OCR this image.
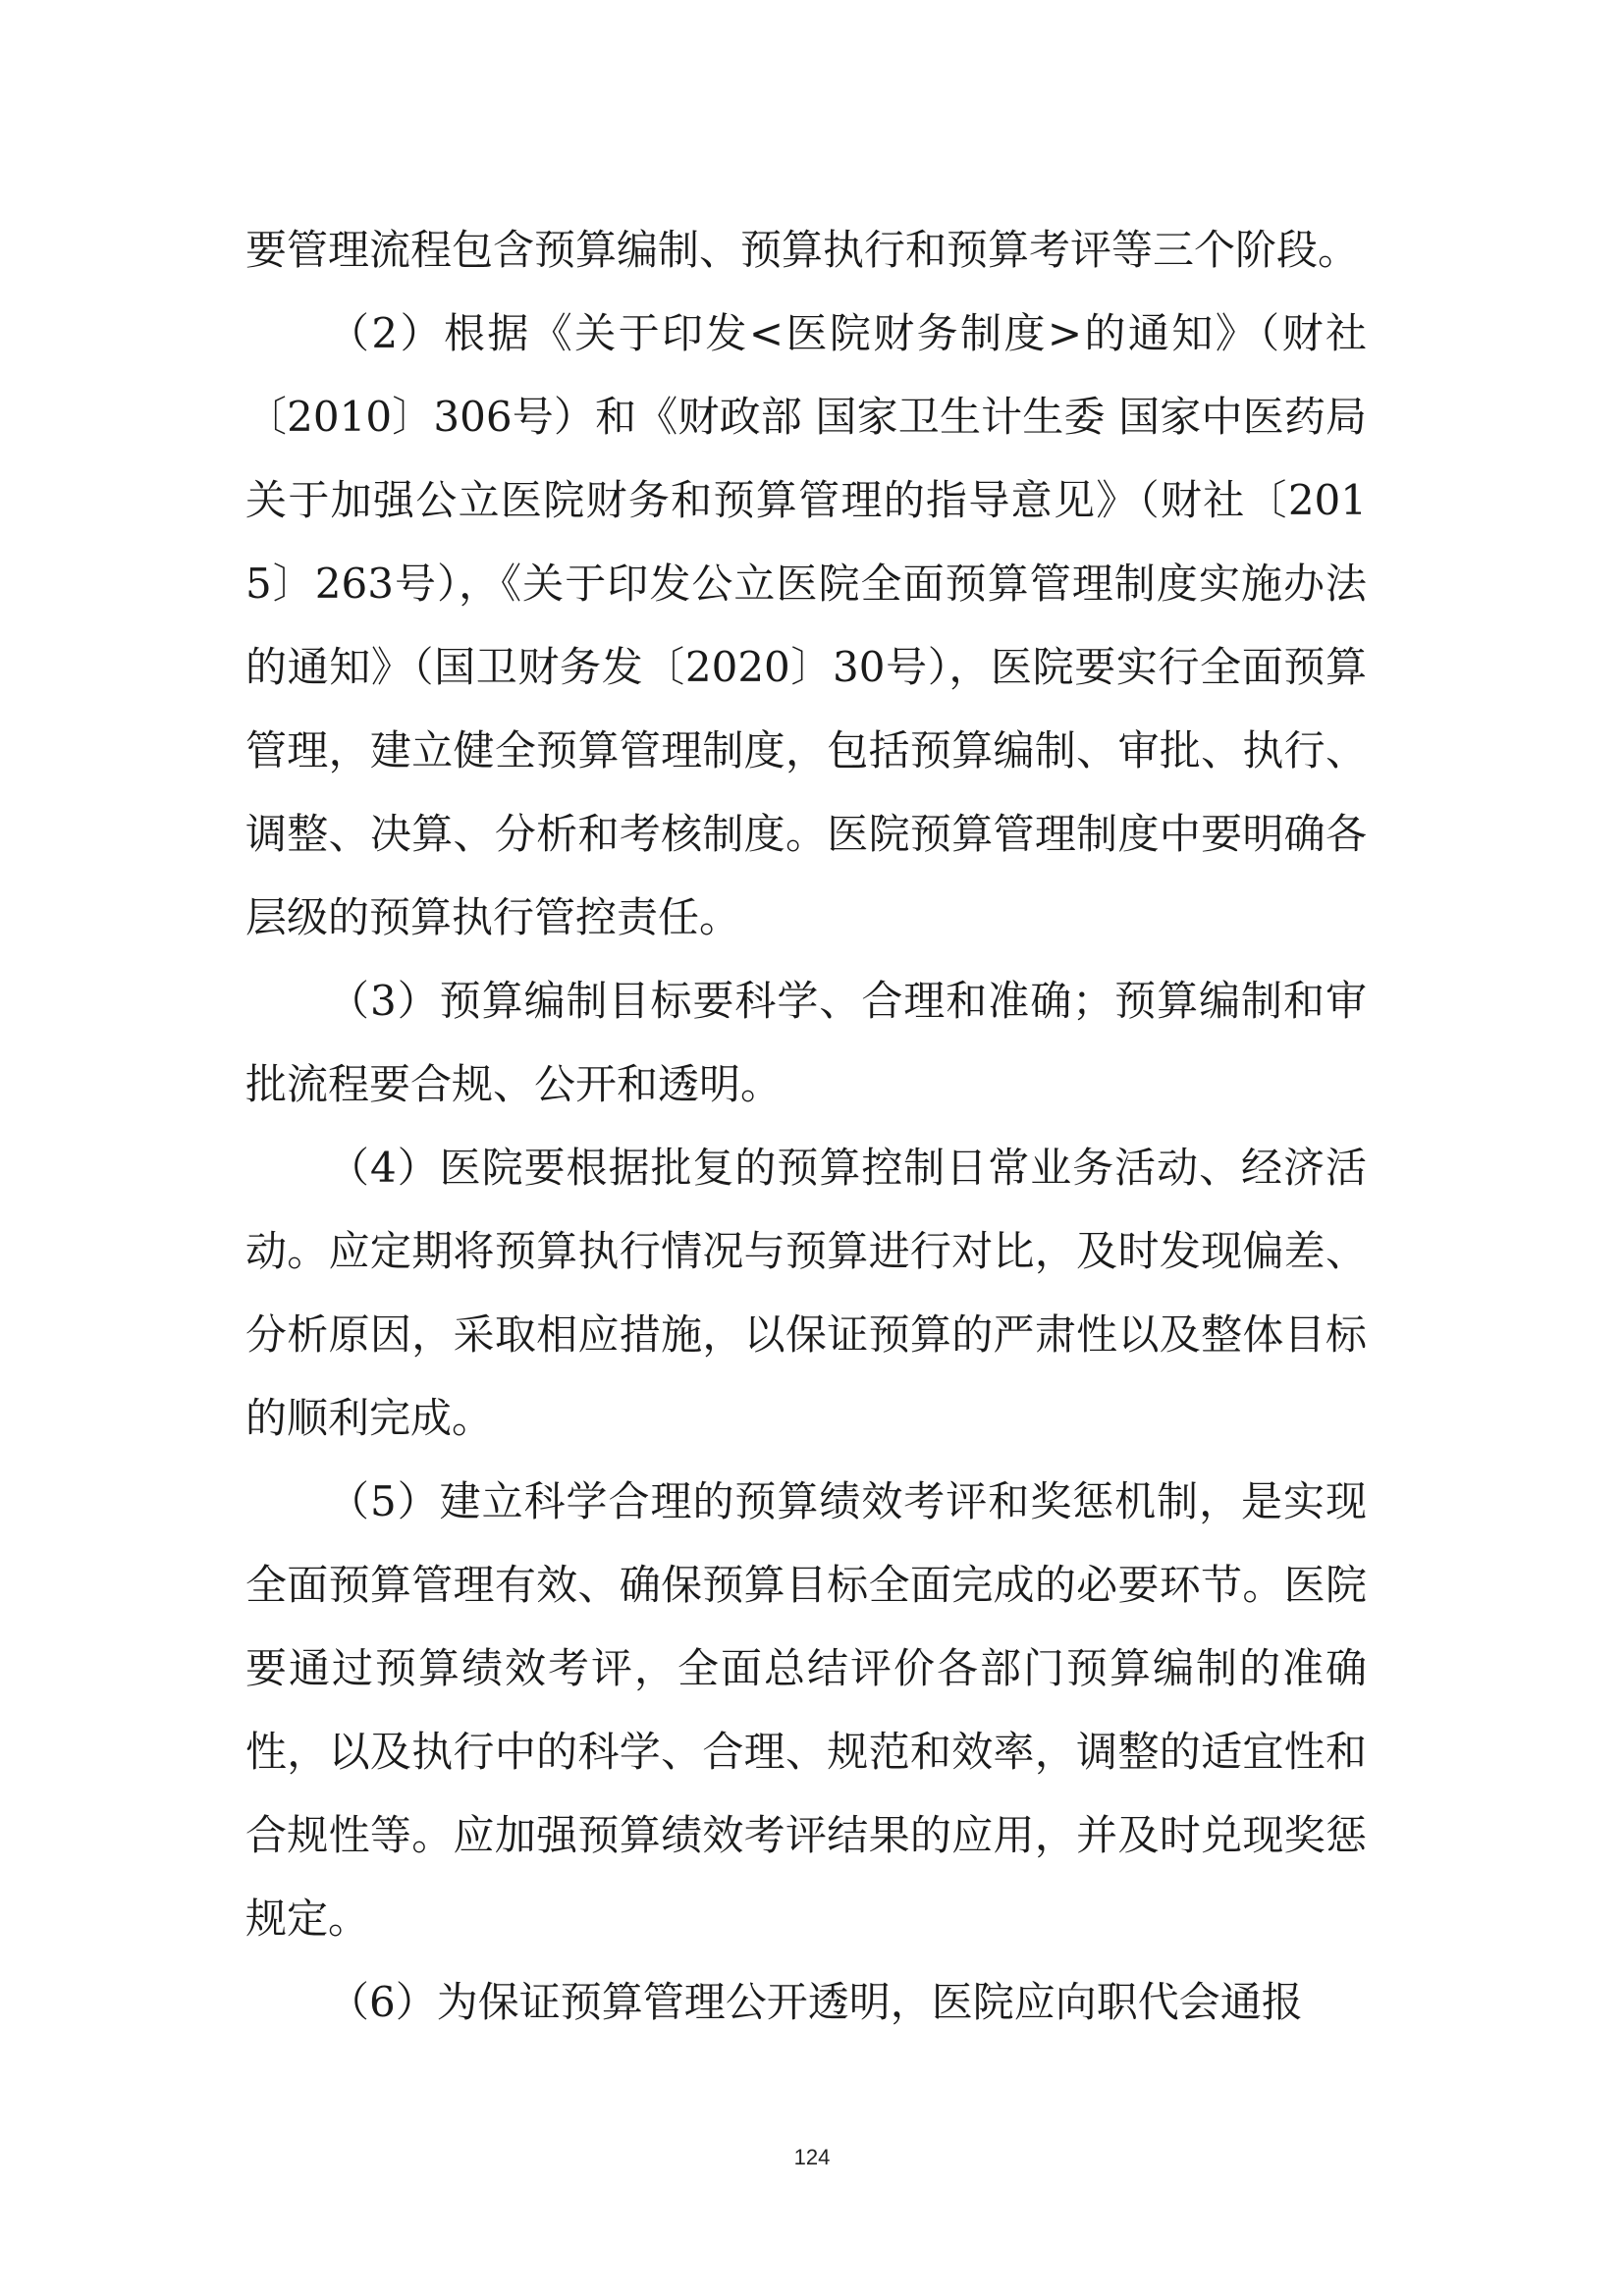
要管理流程包含预算编制、预算执行和预算考评等三个阶段。

（2）根据《关于印发<医院财务制度>的通知》（财社〔2010〕306号）和《财政部 国家卫生计生委 国家中医药局关于加强公立医院财务和预算管理的指导意见》（财社〔2015〕263号），《关于印发公立医院全面预算管理制度实施办法的通知》（国卫财务发〔2020〕30号），医院要实行全面预算管理，建立健全预算管理制度，包括预算编制、审批、执行、调整、决算、分析和考核制度。医院预算管理制度中要明确各层级的预算执行管控责任。

（3）预算编制目标要科学、合理和准确；预算编制和审批流程要合规、公开和透明。

（4）医院要根据批复的预算控制日常业务活动、经济活动。应定期将预算执行情况与预算进行对比，及时发现偏差、分析原因，采取相应措施，以保证预算的严肃性以及整体目标的顺利完成。

（5）建立科学合理的预算绩效考评和奖惩机制，是实现全面预算管理有效、确保预算目标全面完成的必要环节。医院要通过预算绩效考评，全面总结评价各部门预算编制的准确性，以及执行中的科学、合理、规范和效率，调整的适宜性和合规性等。应加强预算绩效考评结果的应用，并及时兑现奖惩规定。

（6）为保证预算管理公开透明，医院应向职代会通报

124
